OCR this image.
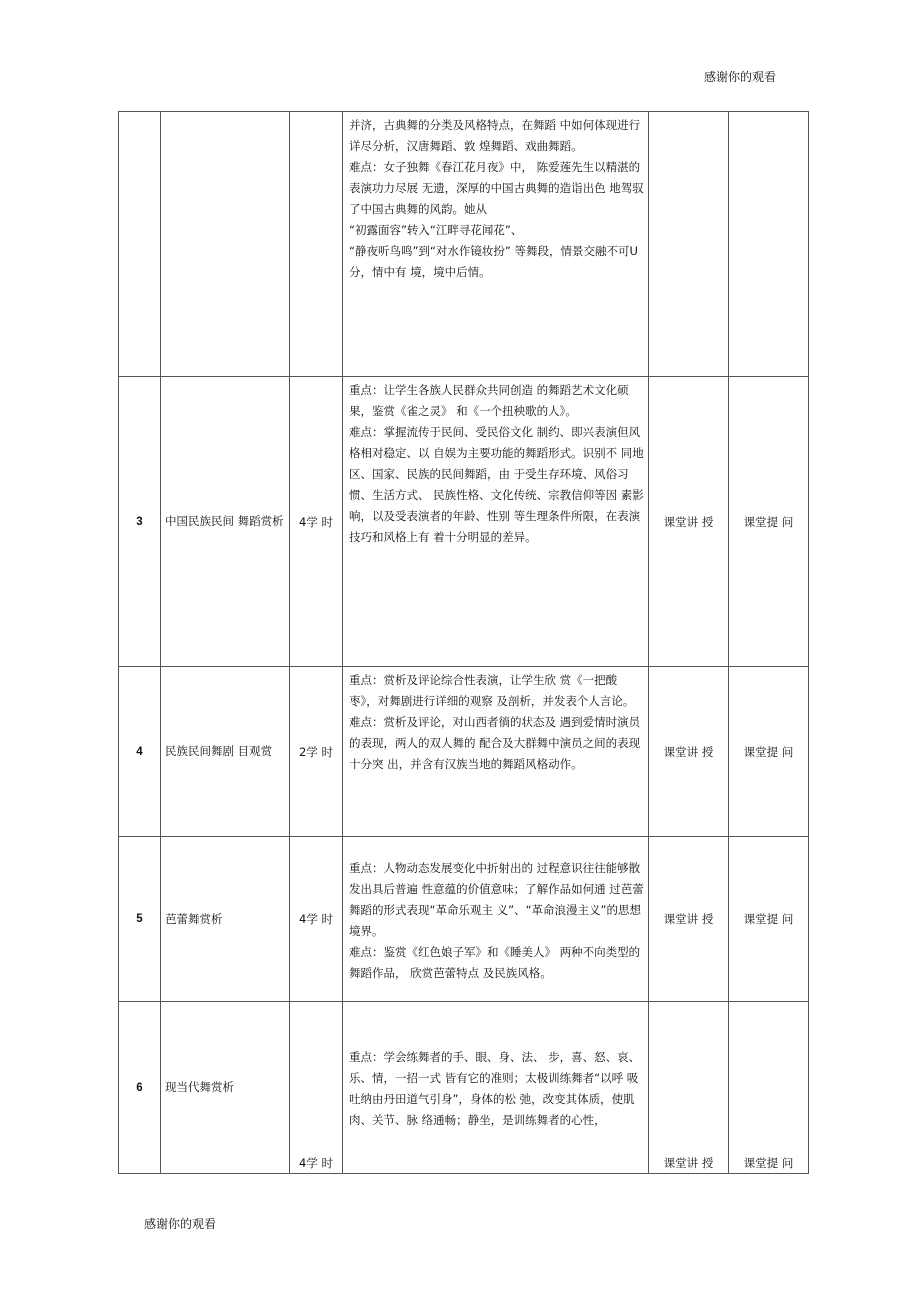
感谢你的观看

			并济，古典舞的分类及风格特点，在舞蹈 中如何体现进行详尽分析，汉唐舞蹈、敦 煌舞蹈、戏曲舞蹈。
难点：女子独舞《春江花月夜》中， 陈爱莲先生以精湛的表演功力尽展 无遗，深厚的中国古典舞的造诣出色 地驾驭了中国古典舞的风韵。她从
“初露面容”转入“江畔寻花闻花”、
“静夜听鸟鸣”到“对水作镜妆扮” 等舞段，情景交融不可U分，情中有 境，境中后情。		

3	中国民族民间 舞蹈赏析	4学 时	重点：让学生各族人民群众共同创造 的舞蹈艺术文化硕果，鉴赏《雀之灵》 和《一个扭秧歌的人》。
难点：掌握流传于民间、受民俗文化 制约、即兴表演但风格相对稳定、以 自娱为主要功能的舞蹈形式。识别不 同地区、国家、民族的民间舞蹈，由 于受生存环境、风俗习惯、生活方式、 民族性格、文化传统、宗教信仰等因 素影响，以及受表演者的年龄、性别 等生理条件所限，在表演技巧和风格上有 着十分明显的差异。	课堂讲 授	课堂提 问
4	民族民间舞剧 目观赏	2学 时	重点：赏析及评论综合性表演，让学生欣 赏《一把酸枣》，对舞剧进行详细的观察 及剖析，并发表个人言论。
难点：赏析及评论，对山西者徜的状态及 遇到爱情时演员的表现，两人的双人舞的 配合及大群舞中演员之间的表现十分突 出，并含有汉族当地的舞蹈风格动作。	课堂讲 授	课堂提 问
5	芭蕾舞赏析	4学 时	重点：人物动态发展变化中折射出的 过程意识往往能够散发出具后普遍 性意蕴的价值意味；了解作品如何通 过芭蕾舞蹈的形式表现“革命乐观主 义”、“革命浪漫主义”的思想境界。
难点：鉴赏《红色娘子军》和《睡美人》 两种不向类型的舞蹈作品， 欣赏芭蕾特点 及民族风格。	课堂讲 授	课堂提 问
6	现当代舞赏析	4学 时	重点：学会练舞者的手、眼、身、法、 步，喜、怒、哀、乐、情，一招一式 皆有它的准则；太极训练舞者“以呼 吸吐纳由丹田道气引身”，身体的松 弛，改变其体质，使肌肉、关节、脉 络通畅；静坐，是训练舞者的心性，	课堂讲 授	课堂提 问
感谢你的观看
